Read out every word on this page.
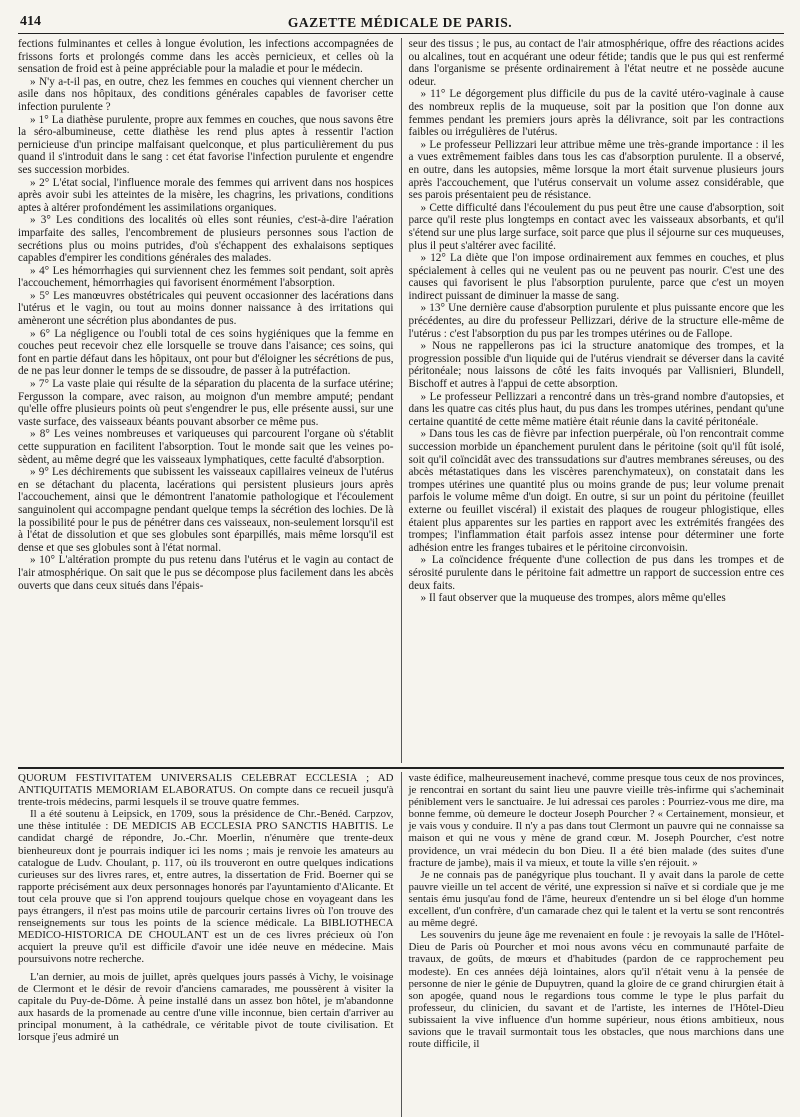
414	GAZETTE MÉDICALE DE PARIS.

fections fulminantes et celles à longue évolution, les infections accompagnées de frissons forts et prolongés comme dans les accès pernicieux, et celles où la sensation de froid est à peine appréciable pour la maladie et pour le médecin.

» N'y a-t-il pas, en outre, chez les femmes en couches qui viennent chercher un asile dans nos hôpitaux, des conditions générales capables de favoriser cette infection purulente ?

» 1° La diathèse purulente, propre aux femmes en couches, que nous savons être la séro-albumineuse, cette diathèse les rend plus aptes à ressentir l'action pernicieuse d'un principe malfaisant quelconque, et plus particulièrement du pus quand il s'introduit dans le sang : cet état favorise l'infection purulente et engendre ses succession morbides.

» 2° L'état social, l'influence morale des femmes qui arrivent dans nos hospices après avoir subi les atteintes de la misère, les chagrins, les privations, conditions aptes à altérer profondément les assimilations organiques.

» 3° Les conditions des localités où elles sont réunies, c'est-à-dire l'aération imparfaite des salles, l'encombrement de plusieurs personnes sous l'action de secrétions plus ou moins putrides, d'où s'échappent des exhalaisons septiques capables d'empirer les conditions générales des malades.

» 4° Les hémorrhagies qui surviennent chez les femmes soit pendant, soit après l'accouchement, hémorrhagies qui favorisent énormément l'absorption.

» 5° Les manœuvres obstétricales qui peuvent occasionner des lacérations dans l'utérus et le vagin, ou tout au moins donner naissance à des irritations qui amèneront une sécrétion plus abondantes de pus.

» 6° La négligence ou l'oubli total de ces soins hygiéniques que la femme en couches peut recevoir chez elle lorsquelle se trouve dans l'aisance; ces soins, qui font en partie défaut dans les hôpitaux, ont pour but d'éloigner les sécrétions de pus, de ne pas leur donner le temps de se dissoudre, de passer à la putréfaction.

» 7° La vaste plaie qui résulte de la séparation du placenta de la surface utérine; Fergusson la compare, avec raison, au moignon d'un membre amputé; pendant qu'elle offre plusieurs points où peut s'engendrer le pus, elle présente aussi, sur une vaste surface, des vaisseaux béants pouvant absorber ce même pus.

» 8° Les veines nombreuses et variqueuses qui parcourent l'organe où s'établit cette suppuration en facilitent l'absorption. Tout le monde sait que les veines po-sèdent, au même degré que les vaisseaux lymphatiques, cette faculté d'absorption.

» 9° Les déchirements que subissent les vaisseaux capillaires veineux de l'utérus en se détachant du placenta, lacérations qui persistent plusieurs jours après l'accouchement, ainsi que le démontrent l'anatomie pathologique et l'écoulement sanguinolent qui accompagne pendant quelque temps la sécrétion des lochies. De là la possibilité pour le pus de pénétrer dans ces vaisseaux, non-seulement lorsqu'il est à l'état de dissolution et que ses globules sont éparpillés, mais même lorsqu'il est dense et que ses globules sont à l'état normal.

» 10° L'altération prompte du pus retenu dans l'utérus et le vagin au contact de l'air atmosphérique. On sait que le pus se décompose plus facilement dans les abcès ouverts que dans ceux situés dans l'épais-

seur des tissus ; le pus, au contact de l'air atmosphérique, offre des réactions acides ou alcalines, tout en acquérant une odeur fétide; tandis que le pus qui est renfermé dans l'organisme se présente ordinairement à l'état neutre et ne possède aucune odeur.

» 11° Le dégorgement plus difficile du pus de la cavité utéro-vaginale à cause des nombreux replis de la muqueuse, soit par la position que l'on donne aux femmes pendant les premiers jours après la délivrance, soit par les contractions faibles ou irrégulières de l'utérus.

» Le professeur Pellizzari leur attribue même une très-grande importance : il les a vues extrêmement faibles dans tous les cas d'absorption purulente. Il a observé, en outre, dans les autopsies, même lorsque la mort était survenue plusieurs jours après l'accouchement, que l'utérus conservait un volume assez considérable, que ses parois présentaient peu de résistance.

» Cette difficulté dans l'écoulement du pus peut être une cause d'absorption, soit parce qu'il reste plus longtemps en contact avec les vaisseaux absorbants, et qu'il s'étend sur une plus large surface, soit parce que plus il séjourne sur ces muqueuses, plus il peut s'altérer avec facilité.

» 12° La diète que l'on impose ordinairement aux femmes en couches, et plus spécialement à celles qui ne veulent pas ou ne peuvent pas nourir. C'est une des causes qui favorisent le plus l'absorption purulente, parce que c'est un moyen indirect puissant de diminuer la masse de sang.

» 13° Une dernière cause d'absorption purulente et plus puissante encore que les précédentes, au dire du professeur Pellizzari, dérive de la structure elle-même de l'utérus : c'est l'absorption du pus par les trompes utérines ou de Fallope.

» Nous ne rappellerons pas ici la structure anatomique des trompes, et la progression possible d'un liquide qui de l'utérus viendrait se déverser dans la cavité péritonéale; nous laissons de côté les faits invoqués par Vallisnieri, Blundell, Bischoff et autres à l'appui de cette absorption.

» Le professeur Pellizzari a rencontré dans un très-grand nombre d'autopsies, et dans les quatre cas cités plus haut, du pus dans les trompes utérines, pendant qu'une certaine quantité de cette même matière était réunie dans la cavité péritonéale.

» Dans tous les cas de fièvre par infection puerpérale, où l'on rencontrait comme succession morbide un épanchement purulent dans le péritoine (soit qu'il fût isolé, soit qu'il coïncidât avec des transsudations sur d'autres membranes séreuses, ou des abcès métastatiques dans les viscères parenchymateux), on constatait dans les trompes utérines une quantité plus ou moins grande de pus; leur volume prenait parfois le volume même d'un doigt. En outre, si sur un point du péritoine (feuillet externe ou feuillet viscéral) il existait des plaques de rougeur phlogistique, elles étaient plus apparentes sur les parties en rapport avec les extrémités frangées des trompes; l'inflammation était parfois assez intense pour déterminer une forte adhésion entre les franges tubaires et le péritoine circonvoisin.

» La coïncidence fréquente d'une collection de pus dans les trompes et de sérosité purulente dans le péritoine fait admettre un rapport de succession entre ces deux faits.

» Il faut observer que la muqueuse des trompes, alors même qu'elles

QUORUM FESTIVITATEM UNIVERSALIS CELEBRAT ECCLESIA ; AD ANTIQUITATIS MEMORIAM ELABORATUS. On compte dans ce recueil jusqu'à trente-trois médecins, parmi lesquels il se trouve quatre femmes.

Il a été soutenu à Leipsick, en 1709, sous la présidence de Chr.-Benéd. Carpzov, une thèse intitulée : DE MEDICIS AB ECCLESIA PRO SANCTIS HABITIS. Le candidat chargé de répondre, Jo.-Chr. Moerlin, n'énumère que trente-deux bienheureux dont je pourrais indiquer ici les noms ; mais je renvoie les amateurs au catalogue de Ludv. Choulant, p. 117, où ils trouveront en outre quelques indications curieuses sur des livres rares, et, entre autres, la dissertation de Frid. Boerner qui se rapporte précisément aux deux personnages honorés par l'ayuntamiento d'Alicante. Et tout cela prouve que si l'on apprend toujours quelque chose en voyageant dans les pays étrangers, il n'est pas moins utile de parcourir certains livres où l'on trouve des renseignements sur tous les points de la science médicale. La BIBLIOTHECA MEDICO-HISTORICA DE CHOULANT est un de ces livres précieux où l'on acquiert la preuve qu'il est difficile d'avoir une idée neuve en médecine. Mais poursuivons notre recherche.

L'an dernier, au mois de juillet, après quelques jours passés à Vichy, le voisinage de Clermont et le désir de revoir d'anciens camarades, me poussèrent à visiter la capitale du Puy-de-Dôme. À peine installé dans un assez bon hôtel, je m'abandonne aux hasards de la promenade au centre d'une ville inconnue, bien certain d'arriver au principal monument, à la cathédrale, ce véritable pivot de toute civilisation. Et lorsque j'eus admiré un

vaste édifice, malheureusement inachevé, comme presque tous ceux de nos provinces, je rencontrai en sortant du saint lieu une pauvre vieille très-infirme qui s'acheminait péniblement vers le sanctuaire. Je lui adressai ces paroles : Pourriez-vous me dire, ma bonne femme, où demeure le docteur Joseph Pourcher ? « Certainement, monsieur, et je vais vous y conduire. Il n'y a pas dans tout Clermont un pauvre qui ne connaisse sa maison et qui ne vous y mène de grand cœur. M. Joseph Pourcher, c'est notre providence, un vrai médecin du bon Dieu. Il a été bien malade (des suites d'une fracture de jambe), mais il va mieux, et toute la ville s'en réjouit. »

Je ne connais pas de panégyrique plus touchant. Il y avait dans la parole de cette pauvre vieille un tel accent de vérité, une expression si naïve et si cordiale que je me sentais ému jusqu'au fond de l'âme, heureux d'entendre un si bel éloge d'un homme excellent, d'un confrère, d'un camarade chez qui le talent et la vertu se sont rencontrés au même degré.

Les souvenirs du jeune âge me revenaient en foule : je revoyais la salle de l'Hôtel-Dieu de Paris où Pourcher et moi nous avons vécu en communauté parfaite de travaux, de goûts, de mœurs et d'habitudes (pardon de ce rapprochement peu modeste). En ces années déjà lointaines, alors qu'il n'était venu à la pensée de personne de nier le génie de Dupuytren, quand la gloire de ce grand chirurgien était à son apogée, quand nous le regardions tous comme le type le plus parfait du professeur, du clinicien, du savant et de l'artiste, les internes de l'Hôtel-Dieu subissaient la vive influence d'un homme supérieur, nous étions ambitieux, nous savions que le travail surmontait tous les obstacles, que nous marchions dans une route difficile, il
